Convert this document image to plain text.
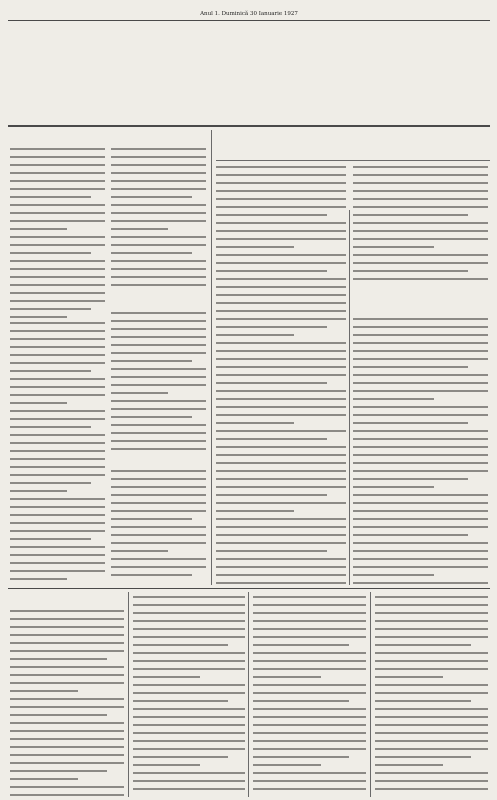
Anul 1. Duminică 30 Ianuarie 1927
